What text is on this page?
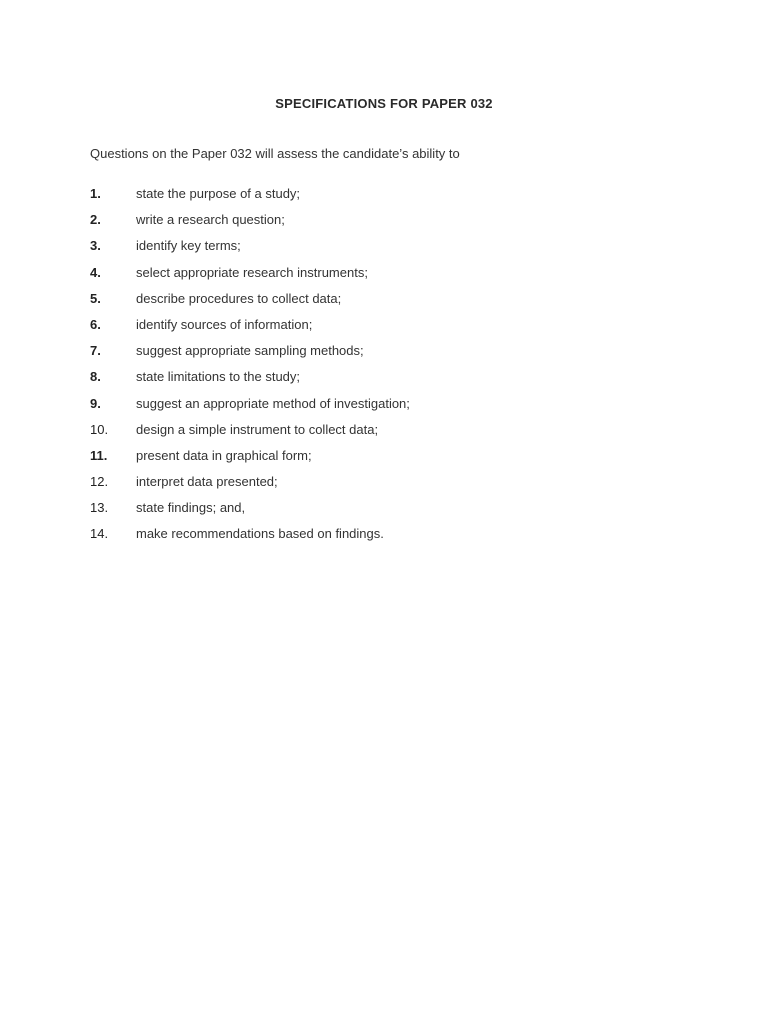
SPECIFICATIONS FOR PAPER 032
Questions on the Paper 032 will assess the candidate’s ability to
1.	state the purpose of a study;
2.	write a research question;
3.	identify key terms;
4.	select appropriate research instruments;
5.	describe procedures to collect data;
6.	identify sources of information;
7.	suggest appropriate sampling methods;
8.	state limitations to the study;
9.	suggest an appropriate method of investigation;
10. design a simple instrument to collect data;
11. present data in graphical form;
12. interpret data presented;
13. state findings; and,
14. make recommendations based on findings.
